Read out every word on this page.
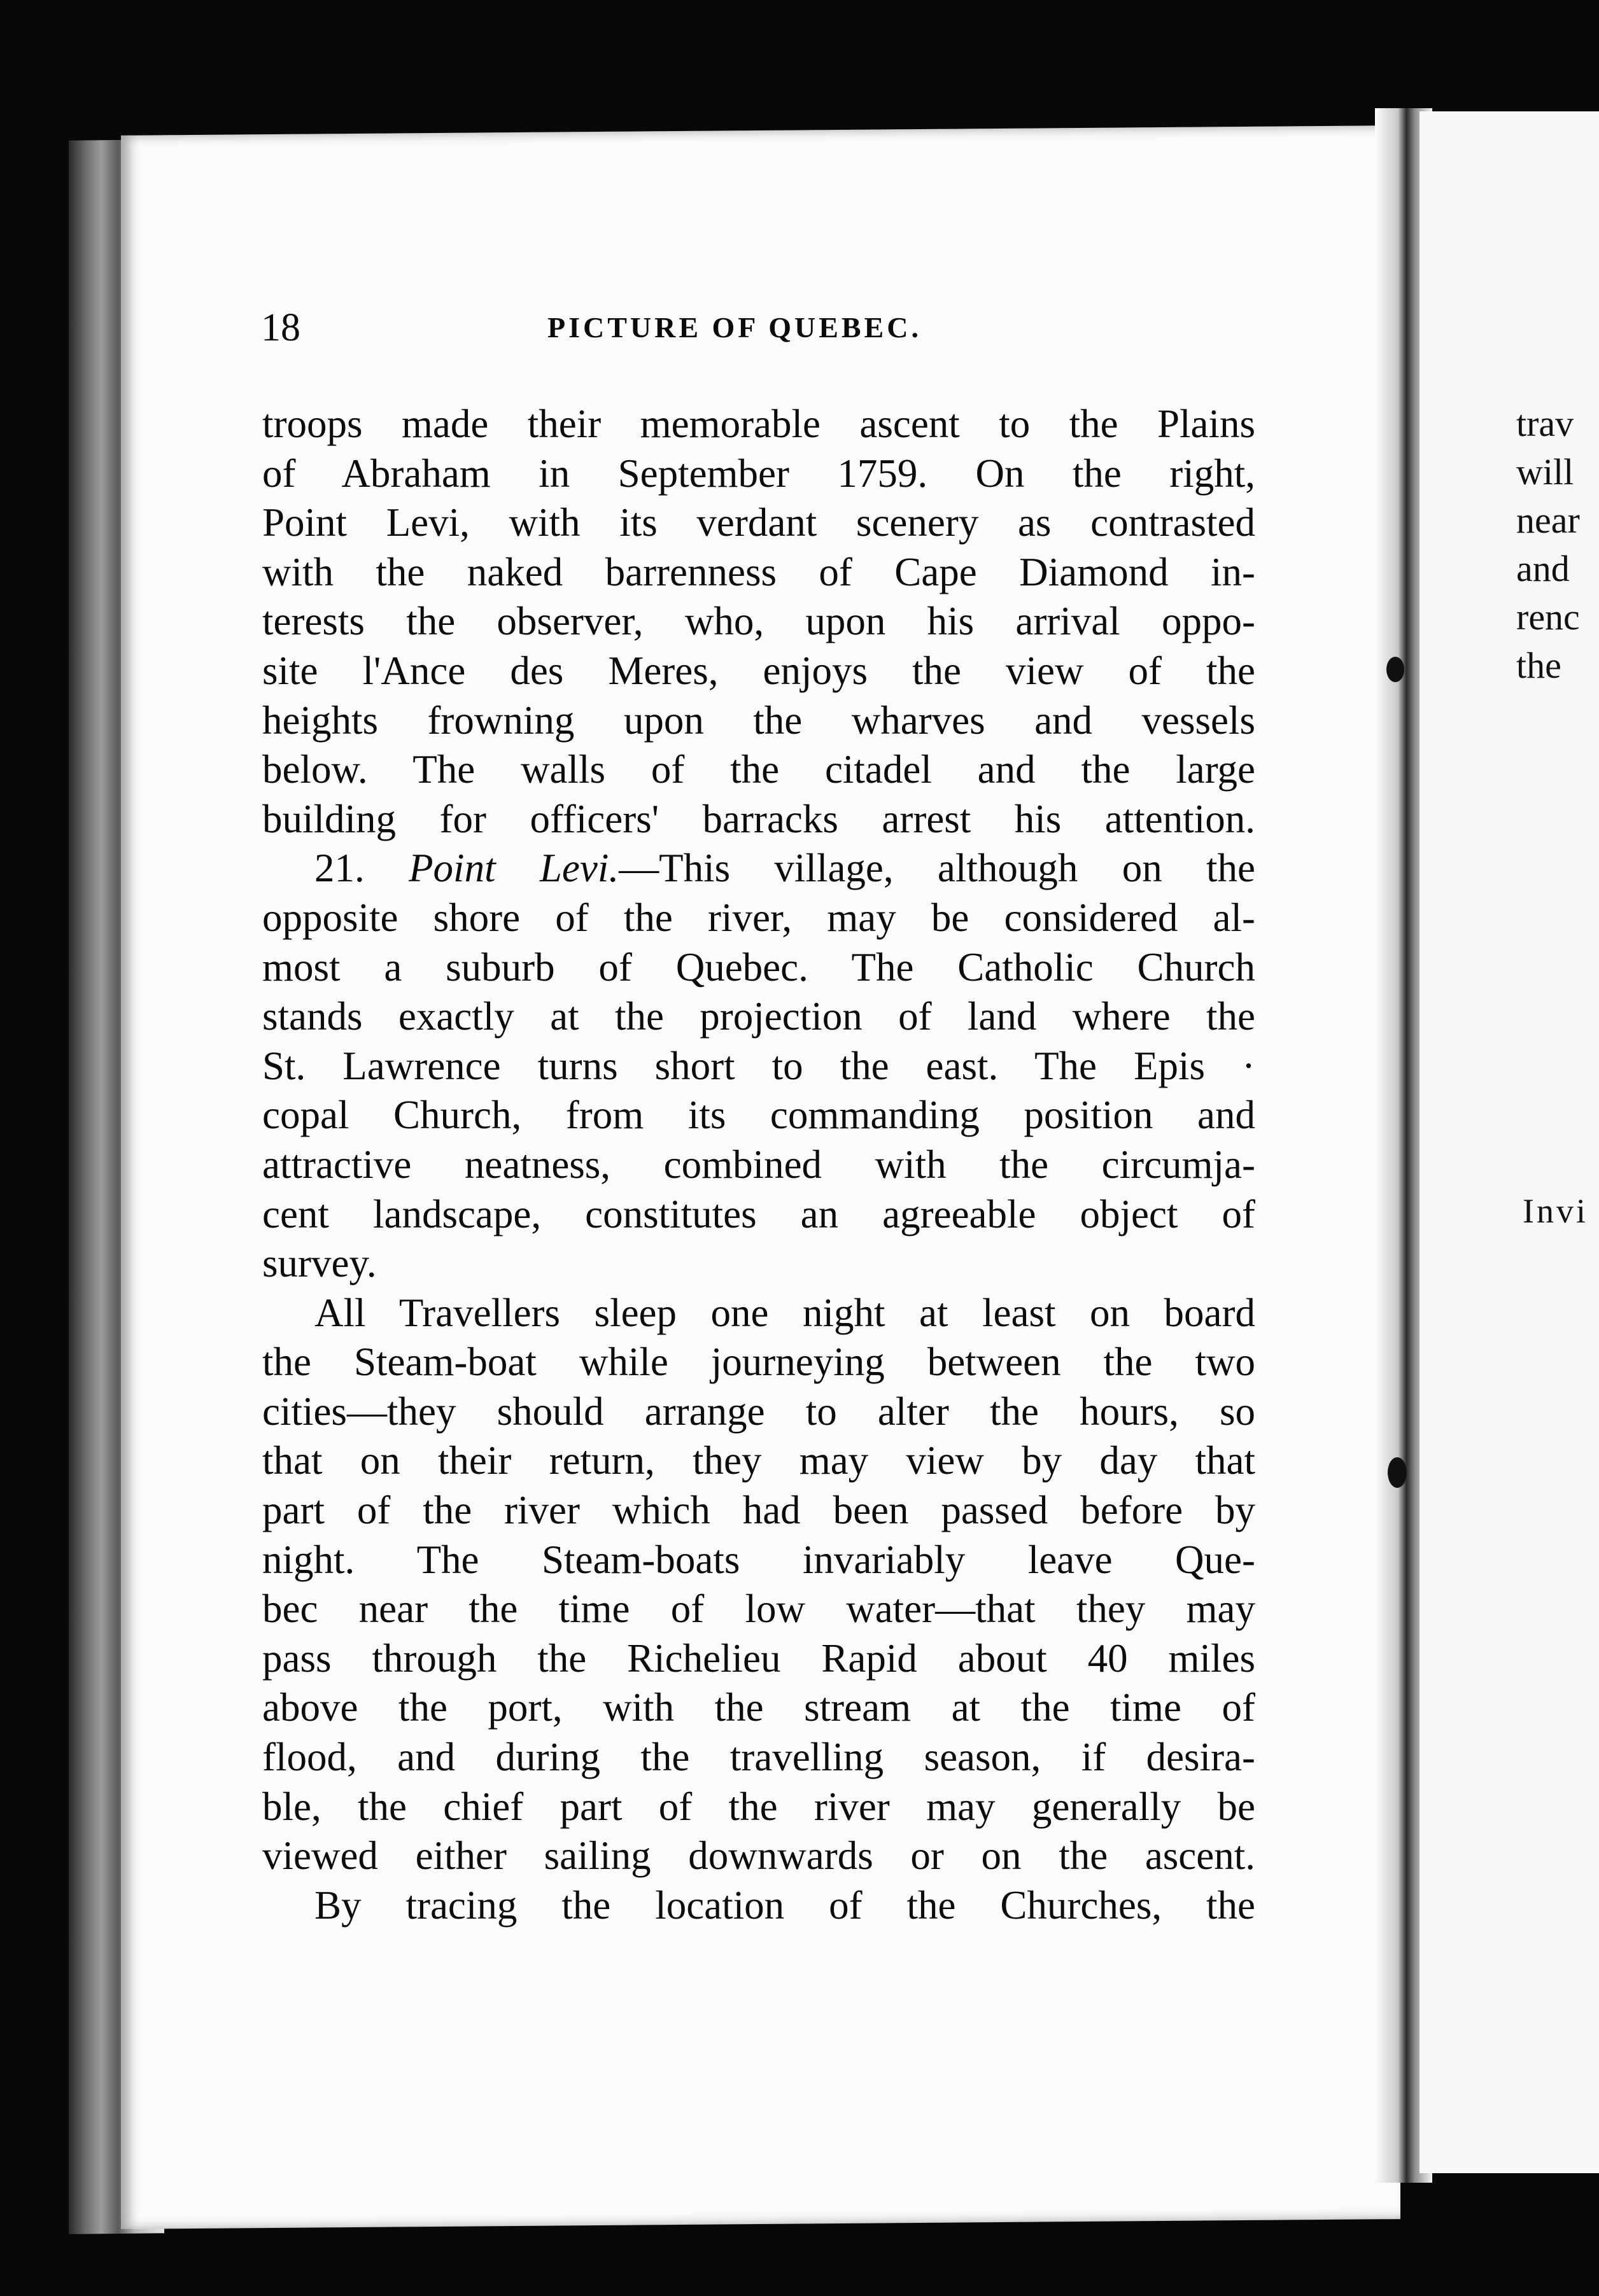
trav
will
near
and
renc
the
Invi
18	PICTURE OF QUEBEC.
troops made their memorable ascent to the Plains
of Abraham in September 1759. On the right,
Point Levi, with its verdant scenery as contrasted
with the naked barrenness of Cape Diamond in-
terests the observer, who, upon his arrival oppo-
site l'Ance des Meres, enjoys the view of the
heights frowning upon the wharves and vessels
below. The walls of the citadel and the large
building for officers' barracks arrest his attention.
21. Point Levi.—This village, although on the
opposite shore of the river, may be considered al-
most a suburb of Quebec. The Catholic Church
stands exactly at the projection of land where the
St. Lawrence turns short to the east. The Epis ·
copal Church, from its commanding position and
attractive neatness, combined with the circumja-
cent landscape, constitutes an agreeable object of
survey.
All Travellers sleep one night at least on board
the Steam-boat while journeying between the two
cities—they should arrange to alter the hours, so
that on their return, they may view by day that
part of the river which had been passed before by
night. The Steam-boats invariably leave Que-
bec near the time of low water—that they may
pass through the Richelieu Rapid about 40 miles
above the port, with the stream at the time of
flood, and during the travelling season, if desira-
ble, the chief part of the river may generally be
viewed either sailing downwards or on the ascent.
By tracing the location of the Churches, the
